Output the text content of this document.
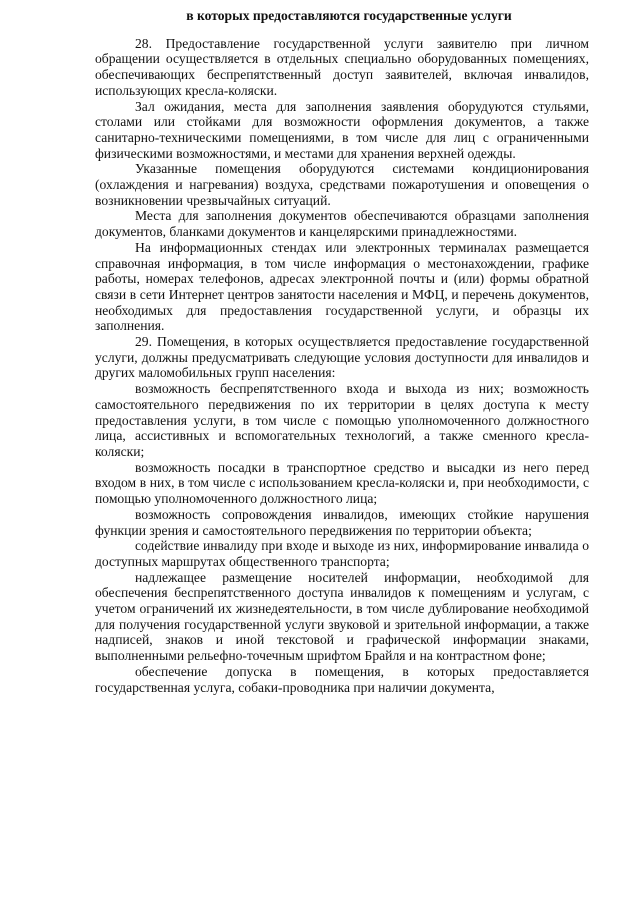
в которых предоставляются государственные услуги

28. Предоставление государственной услуги заявителю при личном обращении осуществляется в отдельных специально оборудованных помещениях, обеспечивающих беспрепятственный доступ заявителей, включая инвалидов, использующих кресла-коляски.

Зал ожидания, места для заполнения заявления оборудуются стульями, столами или стойками для возможности оформления документов, а также санитарно-техническими помещениями, в том числе для лиц с ограниченными физическими возможностями, и местами для хранения верхней одежды.

Указанные помещения оборудуются системами кондиционирования (охлаждения и нагревания) воздуха, средствами пожаротушения и оповещения о возникновении чрезвычайных ситуаций.

Места для заполнения документов обеспечиваются образцами заполнения документов, бланками документов и канцелярскими принадлежностями.

На информационных стендах или электронных терминалах размещается справочная информация, в том числе информация о местонахождении, графике работы, номерах телефонов, адресах электронной почты и (или) формы обратной связи в сети Интернет центров занятости населения и МФЦ, и перечень документов, необходимых для предоставления государственной услуги, и образцы их заполнения.

29. Помещения, в которых осуществляется предоставление государственной услуги, должны предусматривать следующие условия доступности для инвалидов и других маломобильных групп населения:

возможность беспрепятственного входа и выхода из них; возможность самостоятельного передвижения по их территории в целях доступа к месту предоставления услуги, в том числе с помощью уполномоченного должностного лица, ассистивных и вспомогательных технологий, а также сменного кресла-коляски;

возможность посадки в транспортное средство и высадки из него перед входом в них, в том числе с использованием кресла-коляски и, при необходимости, с помощью уполномоченного должностного лица;

возможность сопровождения инвалидов, имеющих стойкие нарушения функции зрения и самостоятельного передвижения по территории объекта;

содействие инвалиду при входе и выходе из них, информирование инвалида о доступных маршрутах общественного транспорта;

надлежащее размещение носителей информации, необходимой для обеспечения беспрепятственного доступа инвалидов к помещениям и услугам, с учетом ограничений их жизнедеятельности, в том числе дублирование необходимой для получения государственной услуги звуковой и зрительной информации, а также надписей, знаков и иной текстовой и графической информации знаками, выполненными рельефно-точечным шрифтом Брайля и на контрастном фоне;

обеспечение допуска в помещения, в которых предоставляется государственная услуга, собаки-проводника при наличии документа,
